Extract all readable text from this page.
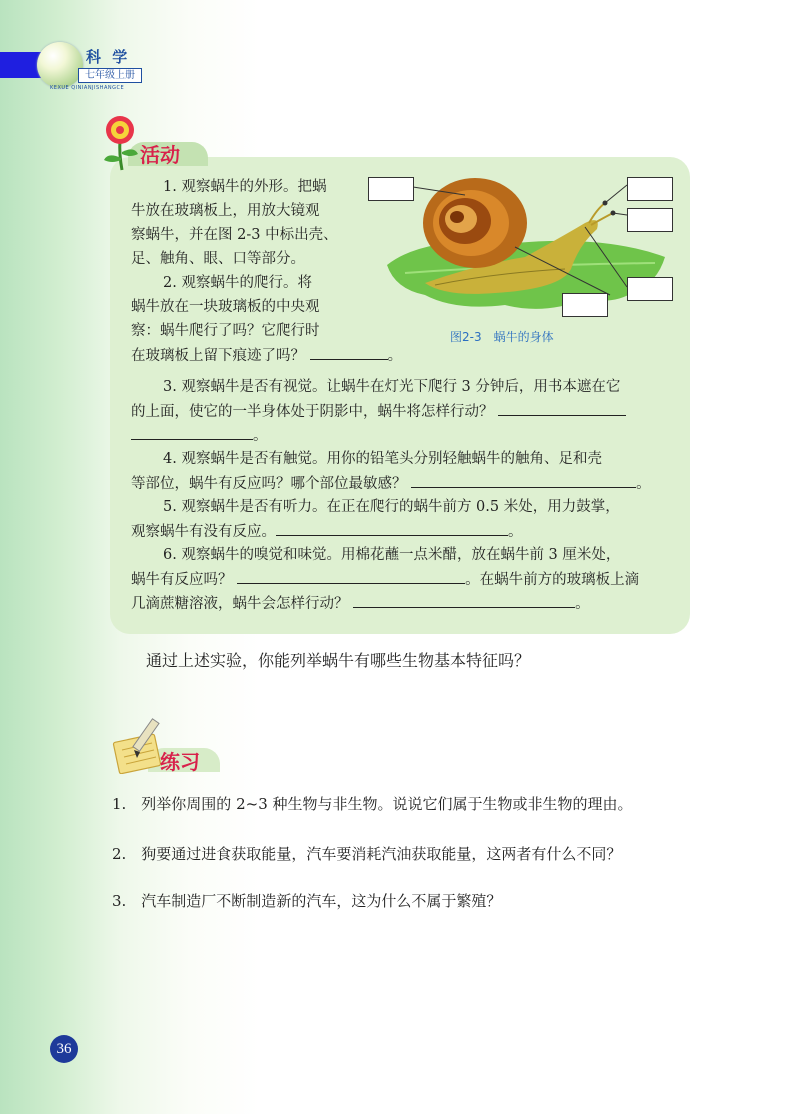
科 学
七年级上册
KEXUE QINIANJISHANGCE
活动

1. 观察蜗牛的外形。把蜗

牛放在玻璃板上，用放大镜观

察蜗牛，并在图 2-3 中标出壳、

足、触角、眼、口等部分。

2. 观察蜗牛的爬行。将

蜗牛放在一块玻璃板的中央观

察：蜗牛爬行了吗？它爬行时

在玻璃板上留下痕迹了吗？	。

3. 观察蜗牛是否有视觉。让蜗牛在灯光下爬行 3 分钟后，用书本遮在它

的上面，使它的一半身体处于阴影中，蜗牛将怎样行动？

。

4. 观察蜗牛是否有触觉。用你的铅笔头分别轻触蜗牛的触角、足和壳

等部位，蜗牛有反应吗？哪个部位最敏感？	。

5. 观察蜗牛是否有听力。在正在爬行的蜗牛前方 0.5 米处，用力鼓掌，

观察蜗牛有没有反应。	。

6. 观察蜗牛的嗅觉和味觉。用棉花蘸一点米醋，放在蜗牛前 3 厘米处，

蜗牛有反应吗？	。在蜗牛前方的玻璃板上滴

几滴蔗糖溶液，蜗牛会怎样行动？	。

图2-3　蜗牛的身体
通过上述实验，你能列举蜗牛有哪些生物基本特征吗？
练习
1.　列举你周围的 2~3 种生物与非生物。说说它们属于生物或非生物的理由。
2.　狗要通过进食获取能量，汽车要消耗汽油获取能量，这两者有什么不同？
3.　汽车制造厂不断制造新的汽车，这为什么不属于繁殖？
36
